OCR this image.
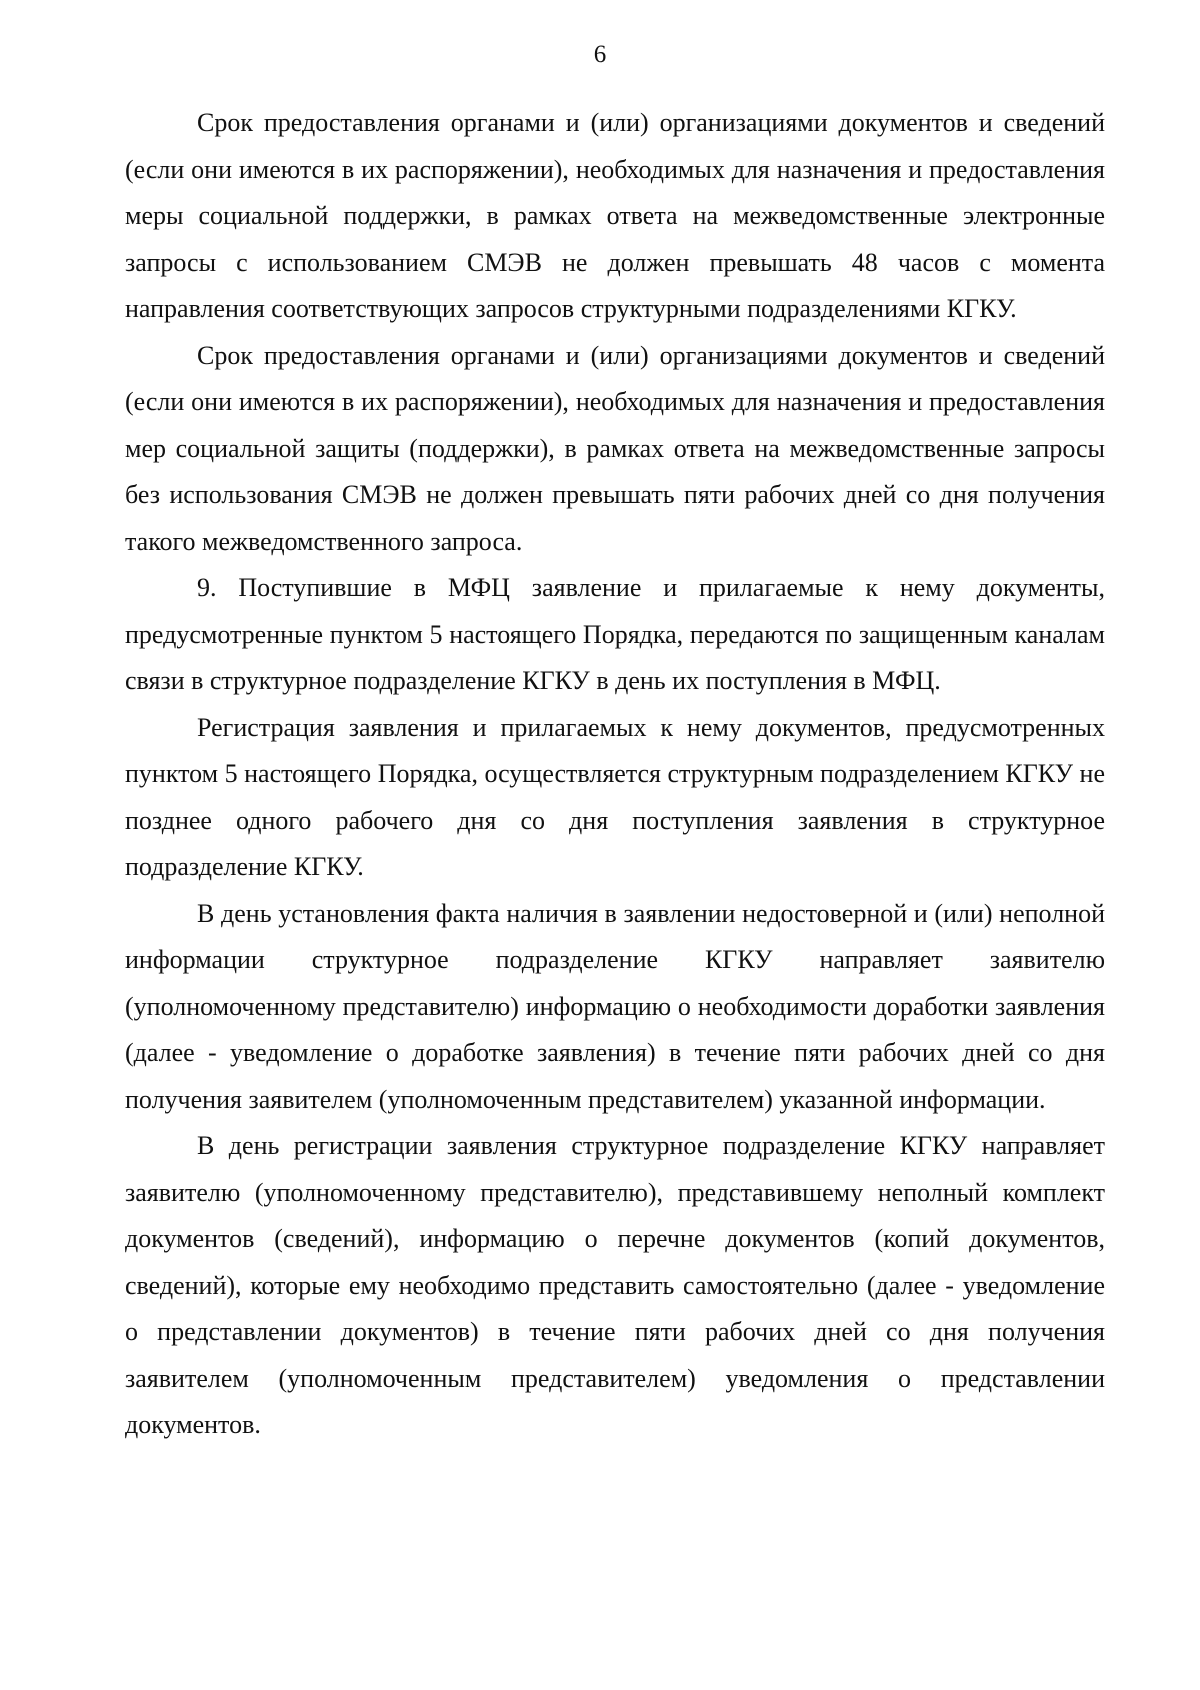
6

Срок предоставления органами и (или) организациями документов и сведений (если они имеются в их распоряжении), необходимых для назначения и предоставления меры социальной поддержки, в рамках ответа на межведомственные электронные запросы с использованием СМЭВ не должен превышать 48 часов с момента направления соответствующих запросов структурными подразделениями КГКУ.

Срок предоставления органами и (или) организациями документов и сведений (если они имеются в их распоряжении), необходимых для назначения и предоставления мер социальной защиты (поддержки), в рамках ответа на межведомственные запросы без использования СМЭВ не должен превышать пяти рабочих дней со дня получения такого межведомственного запроса.

9. Поступившие в МФЦ заявление и прилагаемые к нему документы, предусмотренные пунктом 5 настоящего Порядка, передаются по защищенным каналам связи в структурное подразделение КГКУ в день их поступления в МФЦ.

Регистрация заявления и прилагаемых к нему документов, предусмотренных пунктом 5 настоящего Порядка, осуществляется структурным подразделением КГКУ не позднее одного рабочего дня со дня поступления заявления в структурное подразделение КГКУ.

В день установления факта наличия в заявлении недостоверной и (или) неполной информации структурное подразделение КГКУ направляет заявителю (уполномоченному представителю) информацию о необходимости доработки заявления (далее - уведомление о доработке заявления) в течение пяти рабочих дней со дня получения заявителем (уполномоченным представителем) указанной информации.

В день регистрации заявления структурное подразделение КГКУ направляет заявителю (уполномоченному представителю), представившему неполный комплект документов (сведений), информацию о перечне документов (копий документов, сведений), которые ему необходимо представить самостоятельно (далее - уведомление о представлении документов) в течение пяти рабочих дней со дня получения заявителем (уполномоченным представителем) уведомления о представлении документов.
